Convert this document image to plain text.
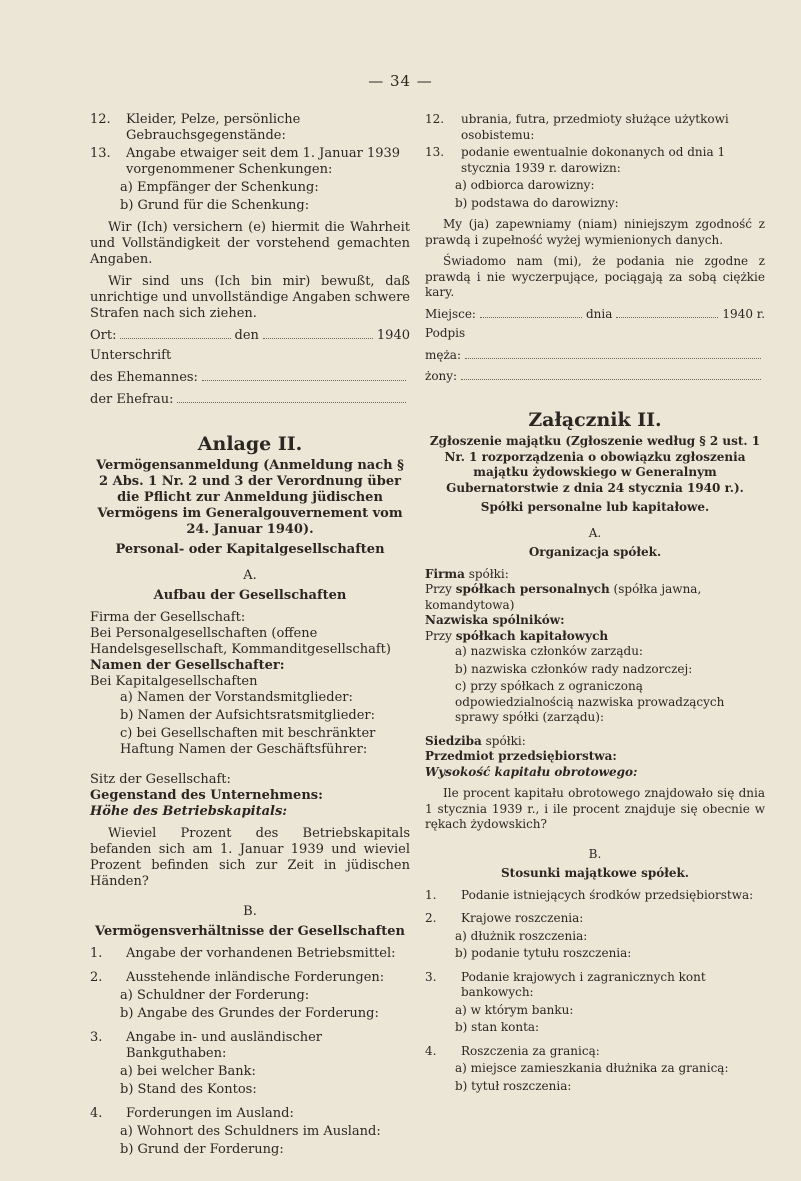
— 34 —
12.	Kleider, Pelze, persönliche Gebrauchsgegenstände:
13.	Angabe etwaiger seit dem 1. Januar 1939 vorgenommener Schenkungen:
a) Empfänger der Schenkung:
b) Grund für die Schenkung:
Wir (Ich) versichern (e) hiermit die Wahrheit und Vollständigkeit der vorstehend gemachten Angaben.
Wir sind uns (Ich bin mir) bewußt, daß unrichtige und unvollständige Angaben schwere Strafen nach sich ziehen.
Ort:	den	1940
Unterschrift
des Ehemannes:
der Ehefrau:
Anlage II.
Vermögensanmeldung (Anmeldung nach § 2 Abs. 1 Nr. 2 und 3 der Verordnung über die Pflicht zur Anmeldung jüdischen Vermögens im Generalgouvernement vom 24. Januar 1940).
Personal- oder Kapitalgesellschaften
A.
Aufbau der Gesellschaften
Firma der Gesellschaft:
Bei Personalgesellschaften (offene Handelsgesellschaft, Kommanditgesellschaft)
Namen der Gesellschafter:
Bei Kapitalgesellschaften
a) Namen der Vorstandsmitglieder:
b) Namen der Aufsichtsratsmitglieder:
c) bei Gesellschaften mit beschränkter Haftung Namen der Geschäftsführer:
Sitz der Gesellschaft:
Gegenstand des Unternehmens:
Höhe des Betriebskapitals:
Wieviel Prozent des Betriebskapitals befanden sich am 1. Januar 1939 und wieviel Prozent befinden sich zur Zeit in jüdischen Händen?
B.
Vermögensverhältnisse der Gesellschaften
1.	Angabe der vorhandenen Betriebsmittel:
2.	Ausstehende inländische Forderungen:
a) Schuldner der Forderung:
b) Angabe des Grundes der Forderung:
3.	Angabe in- und ausländischer Bankguthaben:
a) bei welcher Bank:
b) Stand des Kontos:
4.	Forderungen im Ausland:
a) Wohnort des Schuldners im Ausland:
b) Grund der Forderung:
12.	ubrania, futra, przedmioty służące użytkowi osobistemu:
13.	podanie ewentualnie dokonanych od dnia 1 stycznia 1939 r. darowizn:
a) odbiorca darowizny:
b) podstawa do darowizny:
My (ja) zapewniamy (niam) niniejszym zgodność z prawdą i zupełność wyżej wymienionych danych.
Świadomo nam (mi), że podania nie zgodne z prawdą i nie wyczerpujące, pociągają za sobą ciężkie kary.
Miejsce:	dnia	1940 r.
Podpis
męża:
żony:
Załącznik II.
Zgłoszenie majątku (Zgłoszenie według § 2 ust. 1 Nr. 1 rozporządzenia o obowiązku zgłoszenia majątku żydowskiego w Generalnym Gubernatorstwie z dnia 24 stycznia 1940 r.).
Spółki personalne lub kapitałowe.
A.
Organizacja spółek.
Firma spółki:
Przy spółkach personalnych (spółka jawna, komandytowa)
Nazwiska spólników:
Przy spółkach kapitałowych
a) nazwiska członków zarządu:
b) nazwiska członków rady nadzorczej:
c) przy spółkach z ograniczoną odpowiedzialnością nazwiska prowadzących sprawy spółki (zarządu):
Siedziba spółki:
Przedmiot przedsiębiorstwa:
Wysokość kapitału obrotowego:
Ile procent kapitału obrotowego znajdowało się dnia 1 stycznia 1939 r., i ile procent znajduje się obecnie w rękach żydowskich?
B.
Stosunki majątkowe spółek.
1.	Podanie istniejących środków przedsiębiorstwa:
2.	Krajowe roszczenia:
a) dłużnik roszczenia:
b) podanie tytułu roszczenia:
3.	Podanie krajowych i zagranicznych kont bankowych:
a) w którym banku:
b) stan konta:
4.	Roszczenia za granicą:
a) miejsce zamieszkania dłużnika za granicą:
b) tytuł roszczenia:
